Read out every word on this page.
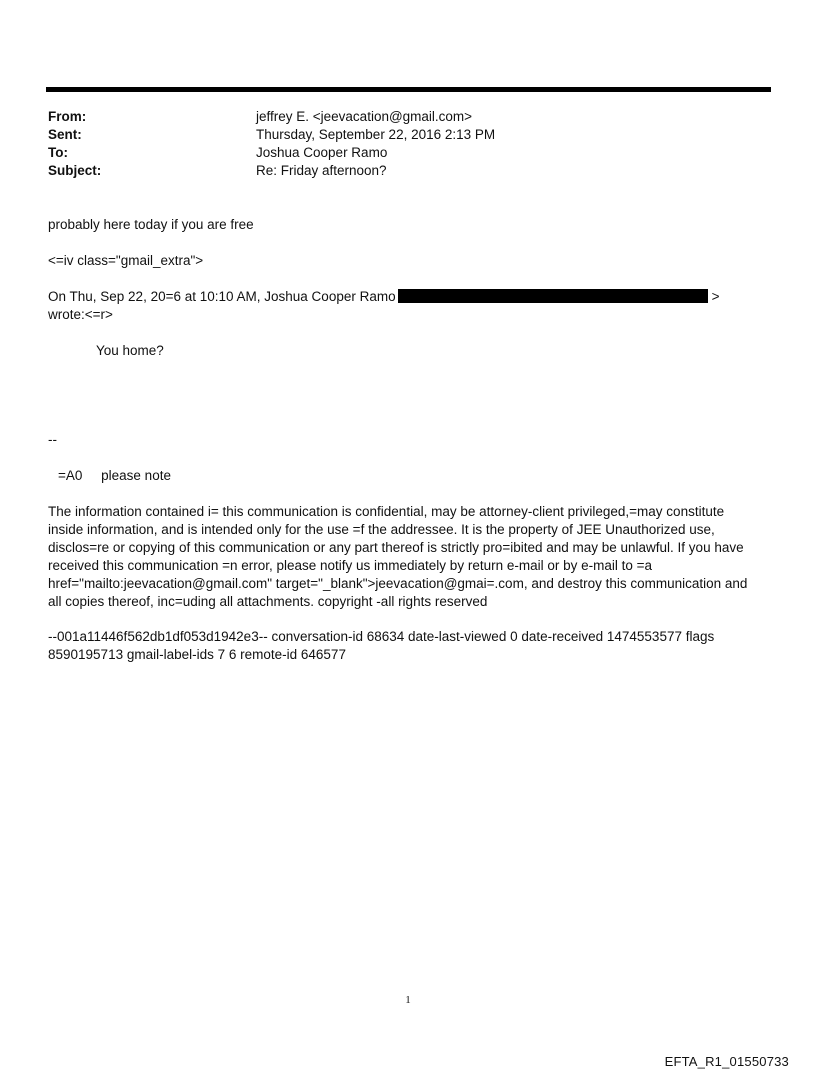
From:	jeffrey E. <jeevacation@gmail.com>
Sent:	Thursday, September 22, 2016 2:13 PM
To:	Joshua Cooper Ramo
Subject:	Re: Friday afternoon?
probably here today if you are free
<=iv class="gmail_extra">
On Thu, Sep 22, 20=6 at 10:10 AM, Joshua Cooper Ramo	>
wrote:<=r>
You home?
--
=A0     please note
The information contained i= this communication is confidential, may be attorney-client privileged,=may constitute
inside information, and is intended only for the use =f the addressee. It is the property of JEE Unauthorized use,
disclos=re or copying of this communication or any part thereof is strictly pro=ibited and may be unlawful. If you have
received this communication =n error, please notify us immediately by return e-mail or by e-mail to =a
href="mailto:jeevacation@gmail.com" target="_blank">jeevacation@gmai=.com, and destroy this communication and
all copies thereof, inc=uding all attachments. copyright -all rights reserved
--001a11446f562db1df053d1942e3-- conversation-id 68634 date-last-viewed 0 date-received 1474553577 flags
8590195713 gmail-label-ids 7 6 remote-id 646577
1
EFTA_R1_01550733
